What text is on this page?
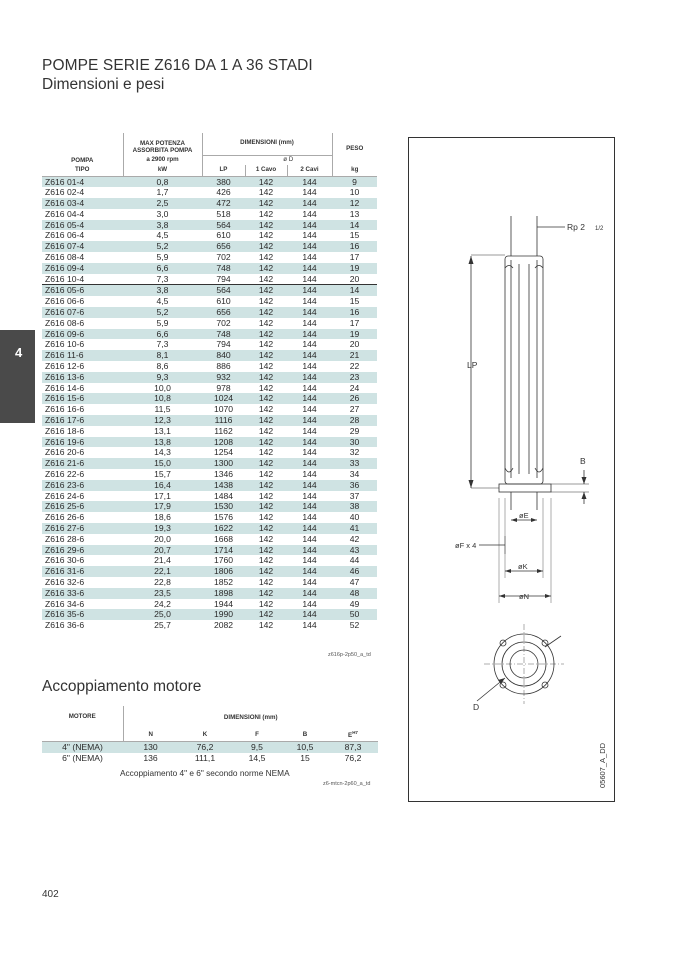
POMPE SERIE Z616 DA 1 A 36 STADI
Dimensioni e pesi
4
POMPA	MAX POTENZA
ASSORBITA POMPA	DIMENSIONI (mm)			PESO
	a 2900 rpm		ø D		
TIPO	kW	LP	1 Cavo	2 Cavi	kg
Z616 01-4	0,8	380	142	144	9
Z616 02-4	1,7	426	142	144	10
Z616 03-4	2,5	472	142	144	12
Z616 04-4	3,0	518	142	144	13
Z616 05-4	3,8	564	142	144	14
Z616 06-4	4,5	610	142	144	15
Z616 07-4	5,2	656	142	144	16
Z616 08-4	5,9	702	142	144	17
Z616 09-4	6,6	748	142	144	19
Z616 10-4	7,3	794	142	144	20
Z616 05-6	3,8	564	142	144	14
Z616 06-6	4,5	610	142	144	15
Z616 07-6	5,2	656	142	144	16
Z616 08-6	5,9	702	142	144	17
Z616 09-6	6,6	748	142	144	19
Z616 10-6	7,3	794	142	144	20
Z616 11-6	8,1	840	142	144	21
Z616 12-6	8,6	886	142	144	22
Z616 13-6	9,3	932	142	144	23
Z616 14-6	10,0	978	142	144	24
Z616 15-6	10,8	1024	142	144	26
Z616 16-6	11,5	1070	142	144	27
Z616 17-6	12,3	1116	142	144	28
Z616 18-6	13,1	1162	142	144	29
Z616 19-6	13,8	1208	142	144	30
Z616 20-6	14,3	1254	142	144	32
Z616 21-6	15,0	1300	142	144	33
Z616 22-6	15,7	1346	142	144	34
Z616 23-6	16,4	1438	142	144	36
Z616 24-6	17,1	1484	142	144	37
Z616 25-6	17,9	1530	142	144	38
Z616 26-6	18,6	1576	142	144	40
Z616 27-6	19,3	1622	142	144	41
Z616 28-6	20,0	1668	142	144	42
Z616 29-6	20,7	1714	142	144	43
Z616 30-6	21,4	1760	142	144	44
Z616 31-6	22,1	1806	142	144	46
Z616 32-6	22,8	1852	142	144	47
Z616 33-6	23,5	1898	142	144	48
Z616 34-6	24,2	1944	142	144	49
Z616 35-6	25,0	1990	142	144	50
Z616 36-6	25,7	2082	142	144	52
z616p-2p50_a_td
Accoppiamento motore
MOTORE	DIMENSIONI (mm)				
	N	K	F	B	$E^{H7}$
4" (NEMA)	130	76,2	9,5	10,5	87,3
6" (NEMA)	136	111,1	14,5	15	76,2
Accoppiamento 4" e 6" secondo norme NEMA
z6-mtcn-2p60_a_td
Rp 2 1/2
LP
B
øE
øF x 4
øK
øN
D
05607_A_DD
402
